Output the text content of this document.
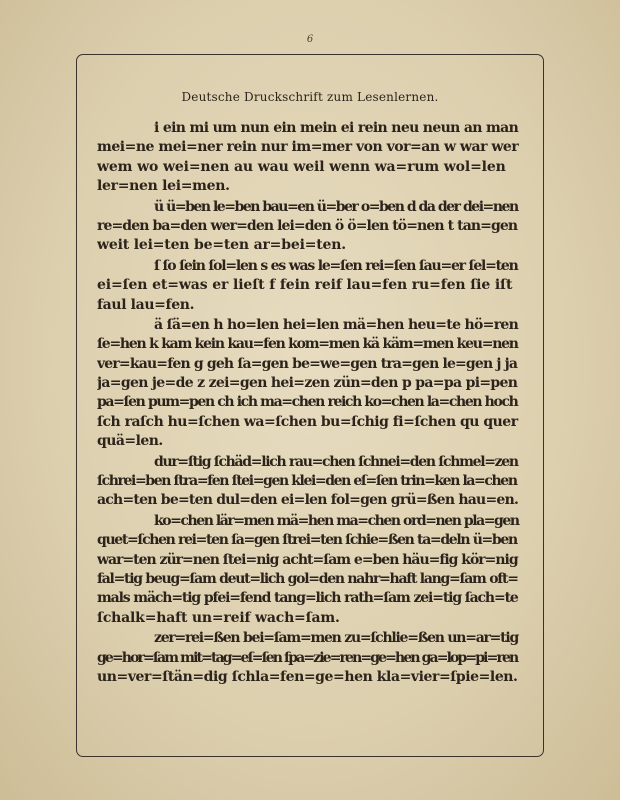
6
Deutsche Druckschrift zum Lesenlernen.
i ein mi um nun ein mein ei rein neu neun an man
mei=ne mei=ner rein nur im=mer von vor=an w war wer
wem wo wei=nen au wau weil wenn wa=rum wol=len
ler=nen lei=men.
ü ü=ben le=ben bau=en ü=ber o=ben d da der dei=nen
re=den ba=den wer=den lei=den ö ö=len tö=nen t tan=gen
weit lei=ten be=ten ar=bei=ten.
ſ ſo ſein ſol=len s es was le=ſen rei=ſen ſau=er ſel=ten
ei=ſen et=was er lieſt f fein reif lau=fen ru=fen ſie iſt
faul lau=fen.
ä ſä=en h ho=len hei=len mä=hen heu=te hö=ren
ſe=hen k kam kein kau=fen kom=men kä käm=men keu=nen
ver=kau=fen g geh ſa=gen be=we=gen tra=gen le=gen j ja
ja=gen je=de z zei=gen hei=zen zün=den p pa=pa pi=pen
pa=ſen pum=pen ch ich ma=chen reich ko=chen la=chen hoch
ſch raſch hu=ſchen wa=ſchen bu=ſchig fi=ſchen qu quer
quä=len.
dur=ſtig ſchäd=lich rau=chen ſchnei=den ſchmel=zen
ſchrei=ben ſtra=fen ſtei=gen klei=den eſ=ſen trin=ken la=chen
ach=ten be=ten dul=den ei=len fol=gen grü=ßen hau=en.
ko=chen lär=men mä=hen ma=chen ord=nen pla=gen
quet=ſchen rei=ten ſa=gen ſtrei=ten ſchie=ßen ta=deln ü=ben
war=ten zür=nen ſtei=nig acht=ſam e=ben häu=fig kör=nig
fal=tig beug=ſam deut=lich gol=den nahr=haft lang=ſam oft=
mals mäch=tig pfei=fend tang=lich rath=ſam zei=tig ſach=te
ſchalk=haft un=reif wach=ſam.
zer=rei=ßen bei=ſam=men zu=ſchlie=ßen un=ar=tig
ge=hor=ſam mit=tag=eſ=ſen ſpa=zie=ren=ge=hen ga=lop=pi=ren
un=ver=ſtän=dig ſchla=fen=ge=hen kla=vier=ſpie=len.
